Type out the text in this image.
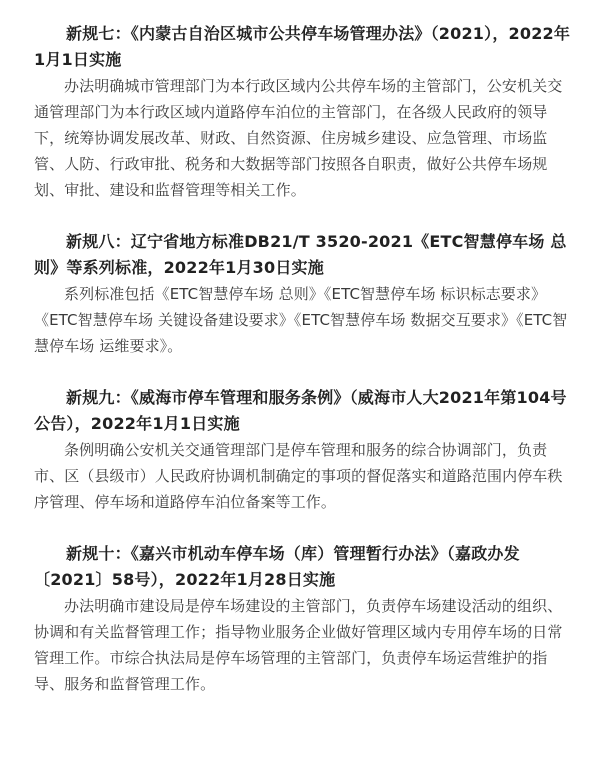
新规七：《内蒙古自治区城市公共停车场管理办法》（2021），2022年1月1日实施

办法明确城市管理部门为本行政区域内公共停车场的主管部门，公安机关交通管理部门为本行政区域内道路停车泊位的主管部门，在各级人民政府的领导下，统筹协调发展改革、财政、自然资源、住房城乡建设、应急管理、市场监管、人防、行政审批、税务和大数据等部门按照各自职责，做好公共停车场规划、审批、建设和监督管理等相关工作。

新规八：辽宁省地方标准DB21/T 3520-2021《ETC智慧停车场 总则》等系列标准，2022年1月30日实施

系列标准包括《ETC智慧停车场 总则》《ETC智慧停车场 标识标志要求》《ETC智慧停车场 关键设备建设要求》《ETC智慧停车场 数据交互要求》《ETC智慧停车场 运维要求》。

新规九：《威海市停车管理和服务条例》（威海市人大2021年第104号公告），2022年1月1日实施

条例明确公安机关交通管理部门是停车管理和服务的综合协调部门，负责市、区（县级市）人民政府协调机制确定的事项的督促落实和道路范围内停车秩序管理、停车场和道路停车泊位备案等工作。

新规十：《嘉兴市机动车停车场（库）管理暂行办法》（嘉政办发〔2021〕58号），2022年1月28日实施

办法明确市建设局是停车场建设的主管部门，负责停车场建设活动的组织、协调和有关监督管理工作；指导物业服务企业做好管理区域内专用停车场的日常管理工作。市综合执法局是停车场管理的主管部门，负责停车场运营维护的指导、服务和监督管理工作。
